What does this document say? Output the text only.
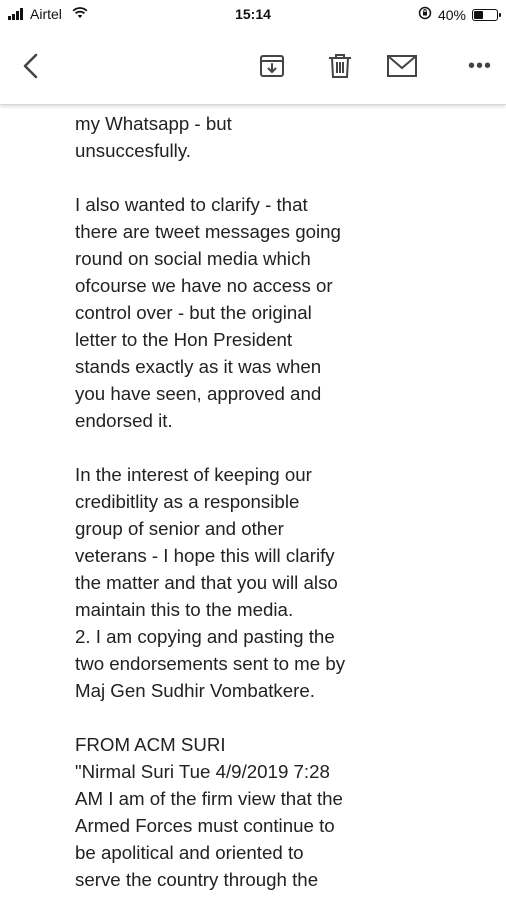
Airtel	15:14	40%
•••

my Whatsapp - but
unsuccesfully.

I also wanted to clarify - that
there are tweet messages going
round on social media which
ofcourse we have no access or
control over - but the original
letter to the Hon President
stands exactly as it was when
you have seen, approved and
endorsed it.

In the interest of keeping our
credibitlity as a responsible
group of senior and other
veterans - I hope this will clarify
the matter and that you will also
maintain this to the media.
2. I am copying and pasting the
two endorsements sent to me by
Maj Gen Sudhir Vombatkere.

FROM ACM SURI
"Nirmal Suri Tue 4/9/2019 7:28
AM I am of the firm view that the
Armed Forces must continue to
be apolitical and oriented to
serve the country through the
